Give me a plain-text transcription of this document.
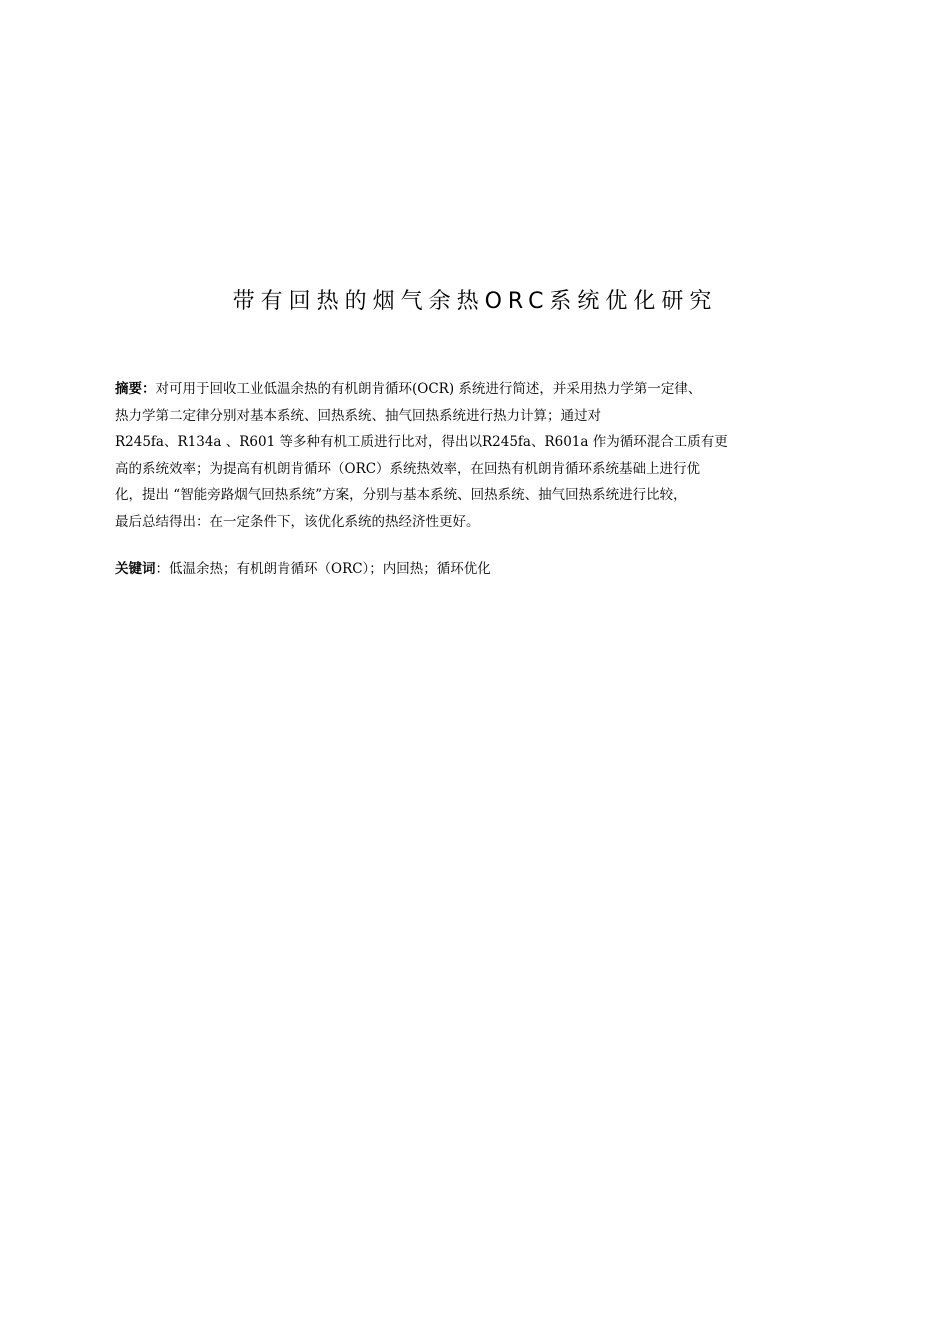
带有回热的烟气余热ORC系统优化研究
摘要：对可用于回收工业低温余热的有机朗肯循环(OCR) 系统进行简述，并采用热力学第一定律、
热力学第二定律分别对基本系统、回热系统、抽气回热系统进行热力计算；通过对
R245fa、R134a 、R601 等多种有机工质进行比对，得出以R245fa、R601a 作为循环混合工质有更
高的系统效率；为提高有机朗肯循环（ORC）系统热效率，在回热有机朗肯循环系统基础上进行优
化，提出 “智能旁路烟气回热系统”方案，分别与基本系统、回热系统、抽气回热系统进行比较，
最后总结得出：在一定条件下，该优化系统的热经济性更好。
关键词：低温余热；有机朗肯循环（ORC）；内回热；循环优化
